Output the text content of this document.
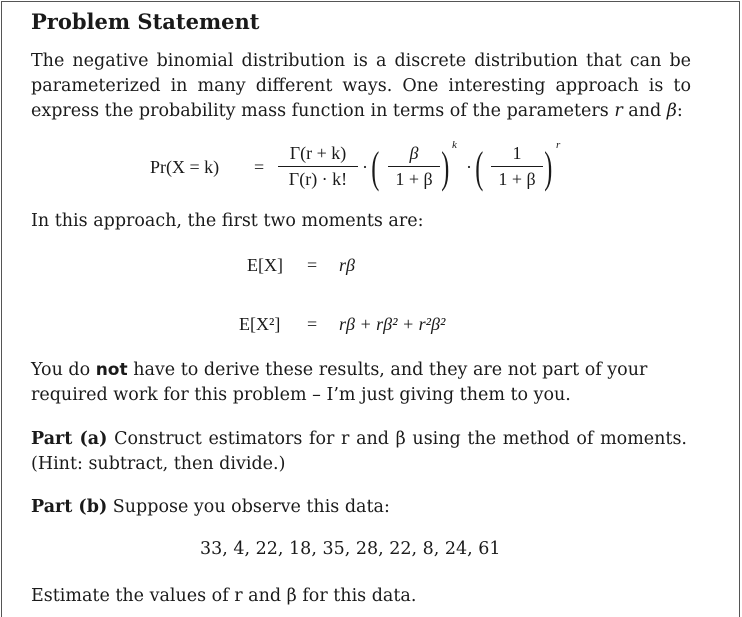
Problem Statement
The negative binomial distribution is a discrete distribution that can be parameterized in many different ways. One interesting approach is to express the probability mass function in terms of the parameters r and β:
Pr(X = k) =
Γ(r + k)
Γ(r) · k!
· (	β
1 + β ) k
· (	1
1 + β ) r
In this approach, the first two moments are:
E[X] = rβ
E[X²] = rβ + rβ² + r²β²
You do not have to derive these results, and they are not part of your required work for this problem – I’m just giving them to you.
Part (a) Construct estimators for r and β using the method of moments. (Hint: subtract, then divide.)
Part (b) Suppose you observe this data:
33, 4, 22, 18, 35, 28, 22, 8, 24, 61
Estimate the values of r and β for this data.
